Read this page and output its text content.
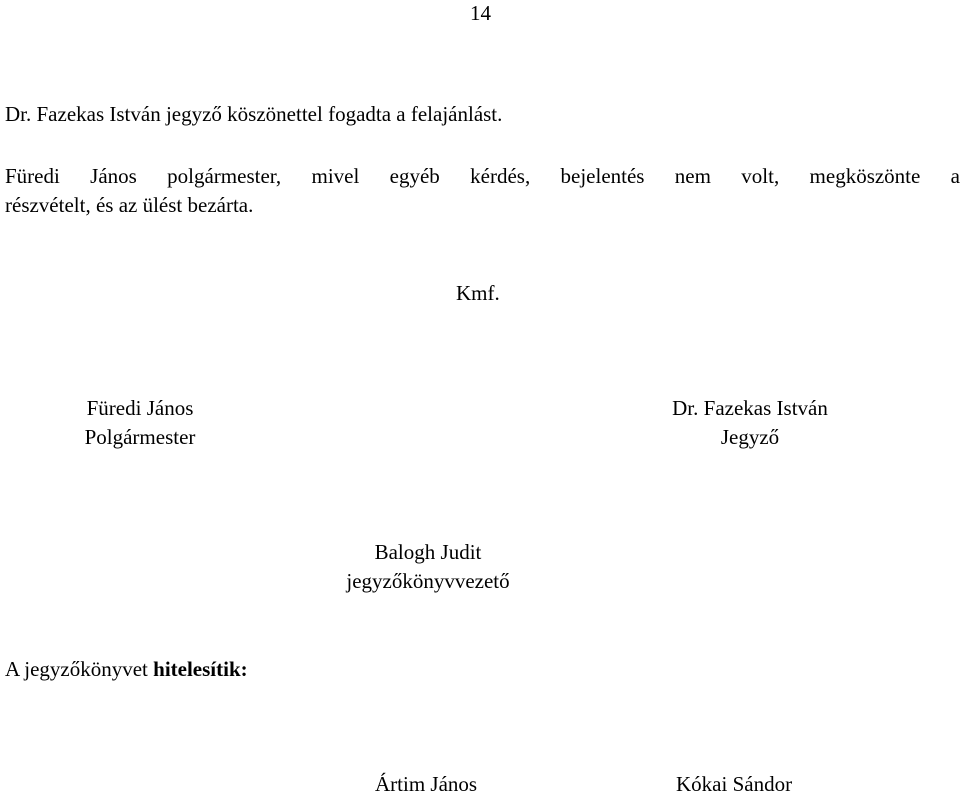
14
Dr. Fazekas István jegyző köszönettel fogadta a felajánlást.
Füredi János polgármester, mivel egyéb kérdés, bejelentés nem volt, megköszönte a
részvételt, és az ülést bezárta.
Kmf.
Füredi János
Polgármester
Dr. Fazekas István
Jegyző
Balogh Judit
jegyzőkönyvvezető
A jegyzőkönyvet hitelesítik:
Ártim János	Kókai Sándor
